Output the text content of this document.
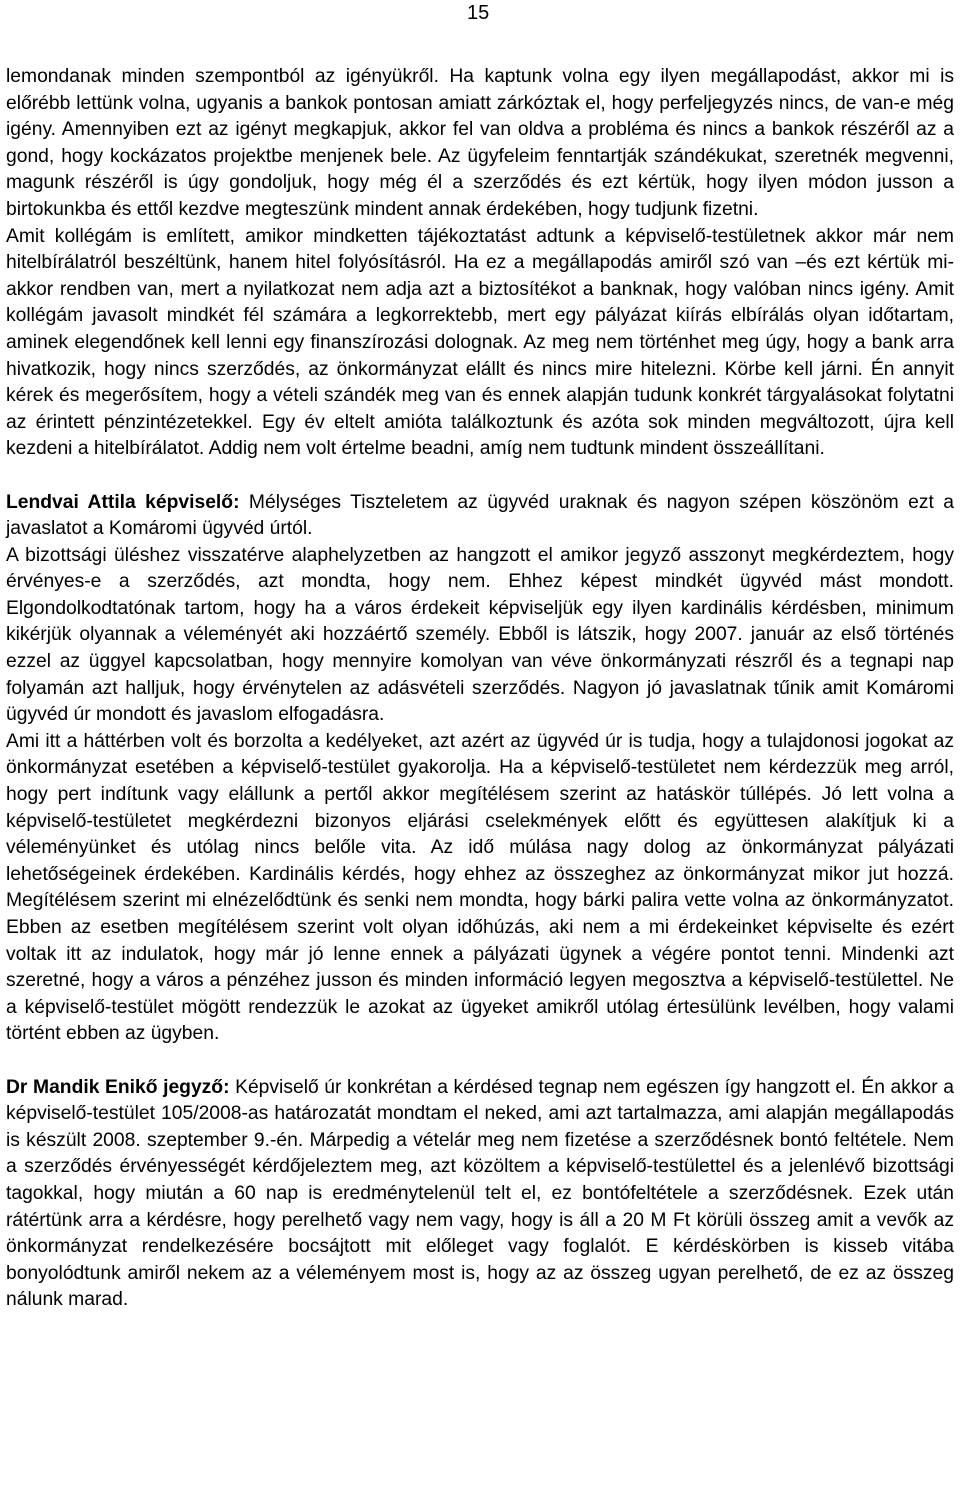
15

lemondanak minden szempontból az igényükről. Ha kaptunk volna egy ilyen megállapodást, akkor mi is előrébb lettünk volna, ugyanis a bankok pontosan amiatt zárkóztak el, hogy perfeljegyzés nincs, de van-e még igény. Amennyiben ezt az igényt megkapjuk, akkor fel van oldva a probléma és nincs a bankok részéről az a gond, hogy kockázatos projektbe menjenek bele. Az ügyfeleim fenntartják szándékukat, szeretnék megvenni, magunk részéről is úgy gondoljuk, hogy még él a szerződés és ezt kértük, hogy ilyen módon jusson a birtokunkba és ettől kezdve megteszünk mindent annak érdekében, hogy tudjunk fizetni.

Amit kollégám is említett, amikor mindketten tájékoztatást adtunk a képviselő-testületnek akkor már nem hitelbírálatról beszéltünk, hanem hitel folyósításról. Ha ez a megállapodás amiről szó van –és ezt kértük mi- akkor rendben van, mert a nyilatkozat nem adja azt a biztosítékot a banknak, hogy valóban nincs igény. Amit kollégám javasolt mindkét fél számára a legkorrektebb, mert egy pályázat kiírás elbírálás olyan időtartam, aminek elegendőnek kell lenni egy finanszírozási dolognak. Az meg nem történhet meg úgy, hogy a bank arra hivatkozik, hogy nincs szerződés, az önkormányzat elállt és nincs mire hitelezni. Körbe kell járni. Én annyit kérek és megerősítem, hogy a vételi szándék meg van és ennek alapján tudunk konkrét tárgyalásokat folytatni az érintett pénzintézetekkel. Egy év eltelt amióta találkoztunk és azóta sok minden megváltozott, újra kell kezdeni a hitelbírálatot. Addig nem volt értelme beadni, amíg nem tudtunk mindent összeállítani.

Lendvai Attila képviselő: Mélységes Tiszteletem az ügyvéd uraknak és nagyon szépen köszönöm ezt a javaslatot a Komáromi ügyvéd úrtól.

A bizottsági üléshez visszatérve alaphelyzetben az hangzott el amikor jegyző asszonyt megkérdeztem, hogy érvényes-e a szerződés, azt mondta, hogy nem. Ehhez képest mindkét ügyvéd mást mondott. Elgondolkodtatónak tartom, hogy ha a város érdekeit képviseljük egy ilyen kardinális kérdésben, minimum kikérjük olyannak a véleményét aki hozzáértő személy. Ebből is látszik, hogy 2007. január az első történés ezzel az üggyel kapcsolatban, hogy mennyire komolyan van véve önkormányzati részről és a tegnapi nap folyamán azt halljuk, hogy érvénytelen az adásvételi szerződés. Nagyon jó javaslatnak tűnik amit Komáromi ügyvéd úr mondott és javaslom elfogadásra.

Ami itt a háttérben volt és borzolta a kedélyeket, azt azért az ügyvéd úr is tudja, hogy a tulajdonosi jogokat az önkormányzat esetében a képviselő-testület gyakorolja. Ha a képviselő-testületet nem kérdezzük meg arról, hogy pert indítunk vagy elállunk a pertől akkor megítélésem szerint az hatáskör túllépés. Jó lett volna a képviselő-testületet megkérdezni bizonyos eljárási cselekmények előtt és együttesen alakítjuk ki a véleményünket és utólag nincs belőle vita. Az idő múlása nagy dolog az önkormányzat pályázati lehetőségeinek érdekében. Kardinális kérdés, hogy ehhez az összeghez az önkormányzat mikor jut hozzá. Megítélésem szerint mi elnézelődtünk és senki nem mondta, hogy bárki palira vette volna az önkormányzatot. Ebben az esetben megítélésem szerint volt olyan időhúzás, aki nem a mi érdekeinket képviselte és ezért voltak itt az indulatok, hogy már jó lenne ennek a pályázati ügynek a végére pontot tenni. Mindenki azt szeretné, hogy a város a pénzéhez jusson és minden információ legyen megosztva a képviselő-testülettel. Ne a képviselő-testület mögött rendezzük le azokat az ügyeket amikről utólag értesülünk levélben, hogy valami történt ebben az ügyben.

Dr Mandik Enikő jegyző: Képviselő úr konkrétan a kérdésed tegnap nem egészen így hangzott el. Én akkor a képviselő-testület 105/2008-as határozatát mondtam el neked, ami azt tartalmazza, ami alapján megállapodás is készült 2008. szeptember 9.-én. Márpedig a vételár meg nem fizetése a szerződésnek bontó feltétele. Nem a szerződés érvényességét kérdőjeleztem meg, azt közöltem a képviselő-testülettel és a jelenlévő bizottsági tagokkal, hogy miután a 60 nap is eredménytelenül telt el, ez bontófeltétele a szerződésnek. Ezek után rátértünk arra a kérdésre, hogy perelhető vagy nem vagy, hogy is áll a 20 M Ft körüli összeg amit a vevők az önkormányzat rendelkezésére bocsájtott mit előleget vagy foglalót. E kérdéskörben is kisseb vitába bonyolódtunk amiről nekem az a véleményem most is, hogy az az összeg ugyan perelhető, de ez az összeg nálunk marad.
